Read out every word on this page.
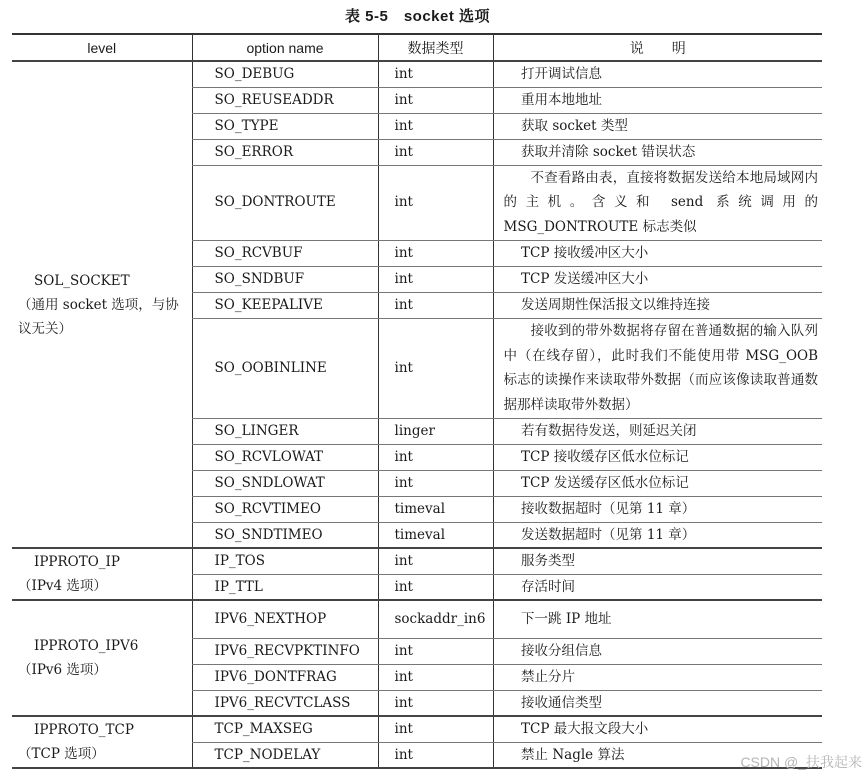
表 5-5　socket 选项
level	option name	数据类型	说　　明

SOL_SOCKET
（通用 socket 选项，与协议无关）	SO_DEBUG	int	打开调试信息

	SO_REUSEADDR	int	重用本地地址

	SO_TYPE	int	获取 socket 类型

	SO_ERROR	int	获取并清除 socket 错误状态

	SO_DONTROUTE	int	不查看路由表，直接将数据发送给本地局域网内的主机。含义和 send 系统调用的 MSG_DONTROUTE 标志类似

	SO_RCVBUF	int	TCP 接收缓冲区大小

	SO_SNDBUF	int	TCP 发送缓冲区大小

	SO_KEEPALIVE	int	发送周期性保活报文以维持连接

	SO_OOBINLINE	int	接收到的带外数据将存留在普通数据的输入队列中（在线存留），此时我们不能使用带 MSG_OOB 标志的读操作来读取带外数据（而应该像读取普通数据那样读取带外数据）

	SO_LINGER	linger	若有数据待发送，则延迟关闭

	SO_RCVLOWAT	int	TCP 接收缓存区低水位标记

	SO_SNDLOWAT	int	TCP 发送缓存区低水位标记

	SO_RCVTIMEO	timeval	接收数据超时（见第 11 章）

	SO_SNDTIMEO	timeval	发送数据超时（见第 11 章）

IPPROTO_IP
（IPv4 选项）	IP_TOS	int	服务类型

	IP_TTL	int	存活时间

IPPROTO_IPV6
（IPv6 选项）	IPV6_NEXTHOP	sockaddr_in6	下一跳 IP 地址

	IPV6_RECVPKTINFO	int	接收分组信息

	IPV6_DONTFRAG	int	禁止分片

	IPV6_RECVTCLASS	int	接收通信类型

IPPROTO_TCP
（TCP 选项）	TCP_MAXSEG	int	TCP 最大报文段大小

	TCP_NODELAY	int	禁止 Nagle 算法	CSDN @_扶我起来
